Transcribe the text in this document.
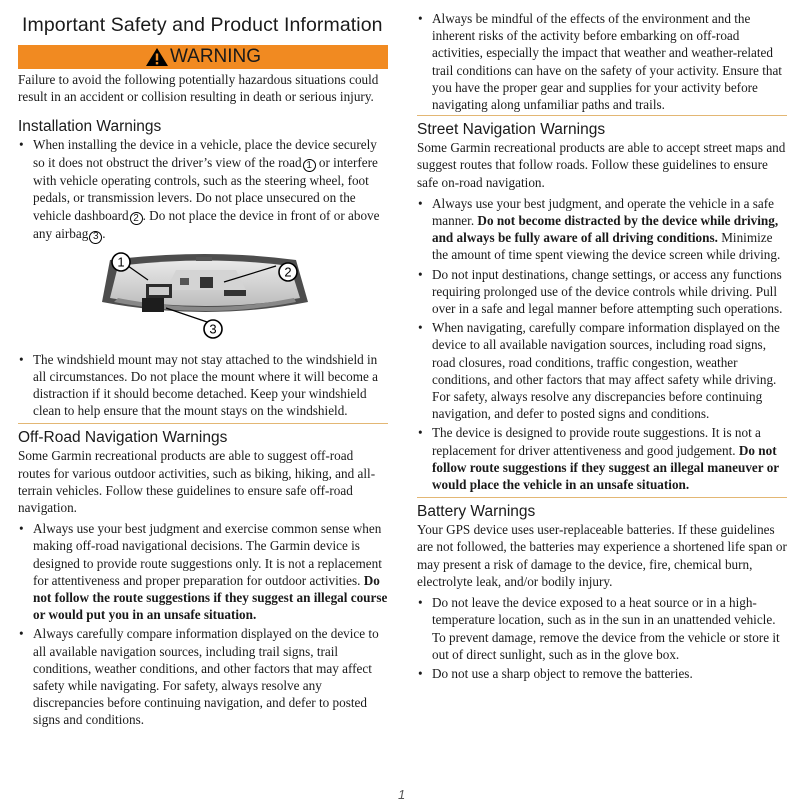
Important Safety and Product Information
WARNING

Failure to avoid the following potentially hazardous situations could result in an accident or collision resulting in death or serious injury.

Installation Warnings
• When installing the device in a vehicle, place the device securely so it does not obstruct the driver’s view of the road 1 or interfere with vehicle operating controls, such as the steering wheel, foot pedals, or transmission levers. Do not place unsecured on the vehicle dashboard 2 . Do not place the device in front of or above any airbag 3 .
1
2
3
• The windshield mount may not stay attached to the windshield in all circumstances. Do not place the mount where it will become a distraction if it should become detached. Keep your windshield clean to help ensure that the mount stays on the windshield.
Off-Road Navigation Warnings

Some Garmin recreational products are able to suggest off-road routes for various outdoor activities, such as biking, hiking, and all-terrain vehicles. Follow these guidelines to ensure safe off-road navigation.

• Always use your best judgment and exercise common sense when making off-road navigational decisions. The Garmin device is designed to provide route suggestions only. It is not a replacement for attentiveness and proper preparation for outdoor activities. Do not follow the route suggestions if they suggest an illegal course or would put you in an unsafe situation.
• Always carefully compare information displayed on the device to all available navigation sources, including trail signs, trail conditions, weather conditions, and other factors that may affect safety while navigating. For safety, always resolve any discrepancies before continuing navigation, and defer to posted signs and conditions.
• Always be mindful of the effects of the environment and the inherent risks of the activity before embarking on off-road activities, especially the impact that weather and weather-related trail conditions can have on the safety of your activity. Ensure that you have the proper gear and supplies for your activity before navigating along unfamiliar paths and trails.
Street Navigation Warnings

Some Garmin recreational products are able to accept street maps and suggest routes that follow roads. Follow these guidelines to ensure safe on-road navigation.

• Always use your best judgment, and operate the vehicle in a safe manner. Do not become distracted by the device while driving, and always be fully aware of all driving conditions. Minimize the amount of time spent viewing the device screen while driving.
• Do not input destinations, change settings, or access any functions requiring prolonged use of the device controls while driving. Pull over in a safe and legal manner before attempting such operations.
• When navigating, carefully compare information displayed on the device to all available navigation sources, including road signs, road closures, road conditions, traffic congestion, weather conditions, and other factors that may affect safety while driving. For safety, always resolve any discrepancies before continuing navigation, and defer to posted signs and conditions.
• The device is designed to provide route suggestions. It is not a replacement for driver attentiveness and good judgement. Do not follow route suggestions if they suggest an illegal maneuver or would place the vehicle in an unsafe situation.
Battery Warnings

Your GPS device uses user-replaceable batteries. If these guidelines are not followed, the batteries may experience a shortened life span or may present a risk of damage to the device, fire, chemical burn, electrolyte leak, and/or bodily injury.

• Do not leave the device exposed to a heat source or in a high-temperature location, such as in the sun in an unattended vehicle. To prevent damage, remove the device from the vehicle or store it out of direct sunlight, such as in the glove box.
• Do not use a sharp object to remove the batteries.
1
